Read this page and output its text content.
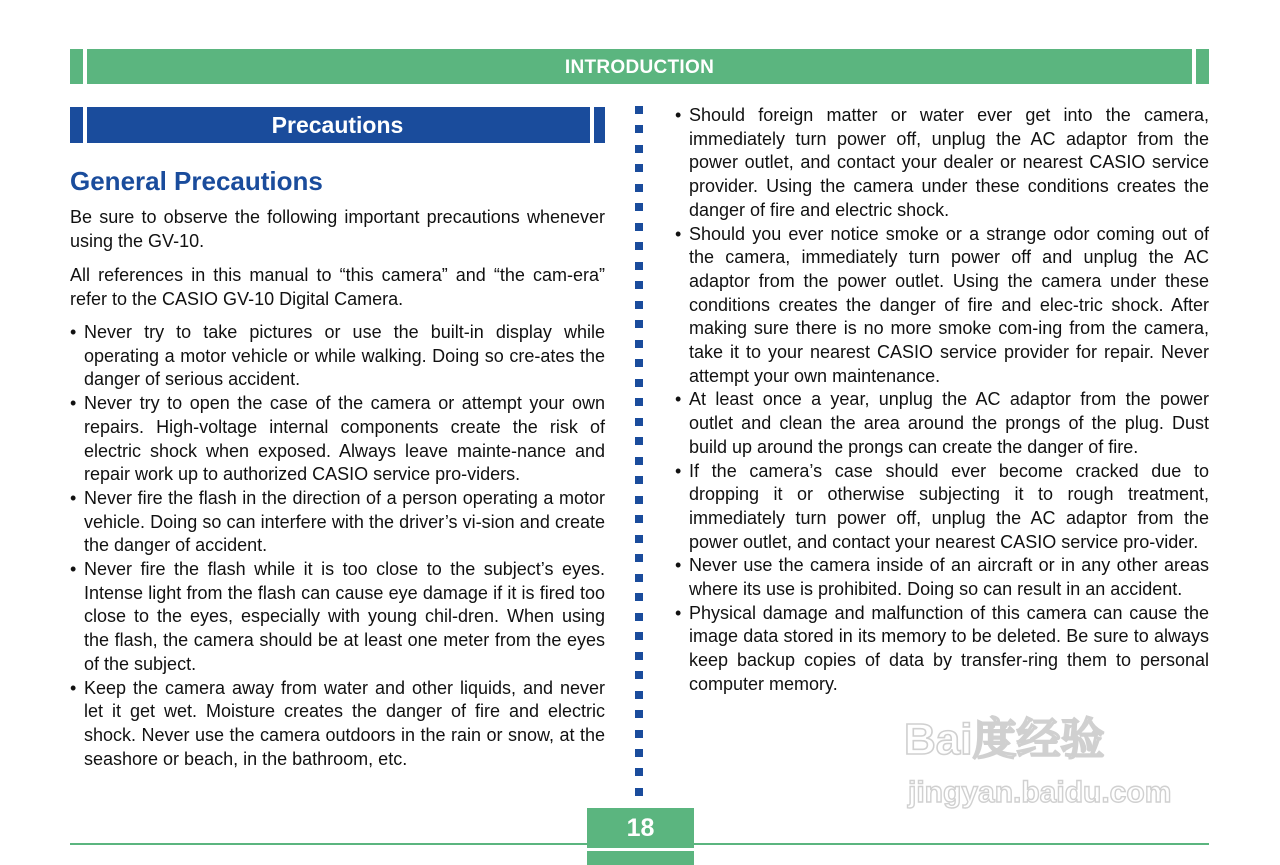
INTRODUCTION
Precautions
General Precautions

Be sure to observe the following important precautions whenever using the GV-10.

All references in this manual to “this camera” and “the cam-era” refer to the CASIO GV-10 Digital Camera.

• Never try to take pictures or use the built-in display while operating a motor vehicle or while walking. Doing so cre-ates the danger of serious accident.
• Never try to open the case of the camera or attempt your own repairs. High-voltage internal components create the risk of electric shock when exposed. Always leave mainte-nance and repair work up to authorized CASIO service pro-viders.
• Never fire the flash in the direction of a person operating a motor vehicle. Doing so can interfere with the driver’s vi-sion and create the danger of accident.
• Never fire the flash while it is too close to the subject’s eyes. Intense light from the flash can cause eye damage if it is fired too close to the eyes, especially with young chil-dren. When using the flash, the camera should be at least one meter from the eyes of the subject.
• Keep the camera away from water and other liquids, and never let it get wet. Moisture creates the danger of fire and electric shock. Never use the camera outdoors in the rain or snow, at the seashore or beach, in the bathroom, etc.
• Should foreign matter or water ever get into the camera, immediately turn power off, unplug the AC adaptor from the power outlet, and contact your dealer or nearest CASIO service provider. Using the camera under these conditions creates the danger of fire and electric shock.
• Should you ever notice smoke or a strange odor coming out of the camera, immediately turn power off and unplug the AC adaptor from the power outlet. Using the camera under these conditions creates the danger of fire and elec-tric shock. After making sure there is no more smoke com-ing from the camera, take it to your nearest CASIO service provider for repair. Never attempt your own maintenance.
• At least once a year, unplug the AC adaptor from the power outlet and clean the area around the prongs of the plug. Dust build up around the prongs can create the danger of fire.
• If the camera’s case should ever become cracked due to dropping it or otherwise subjecting it to rough treatment, immediately turn power off, unplug the AC adaptor from the power outlet, and contact your nearest CASIO service pro-vider.
• Never use the camera inside of an aircraft or in any other areas where its use is prohibited. Doing so can result in an accident.
• Physical damage and malfunction of this camera can cause the image data stored in its memory to be deleted. Be sure to always keep backup copies of data by transfer-ring them to personal computer memory.
Bai度经验
jingyan.baidu.com
18
